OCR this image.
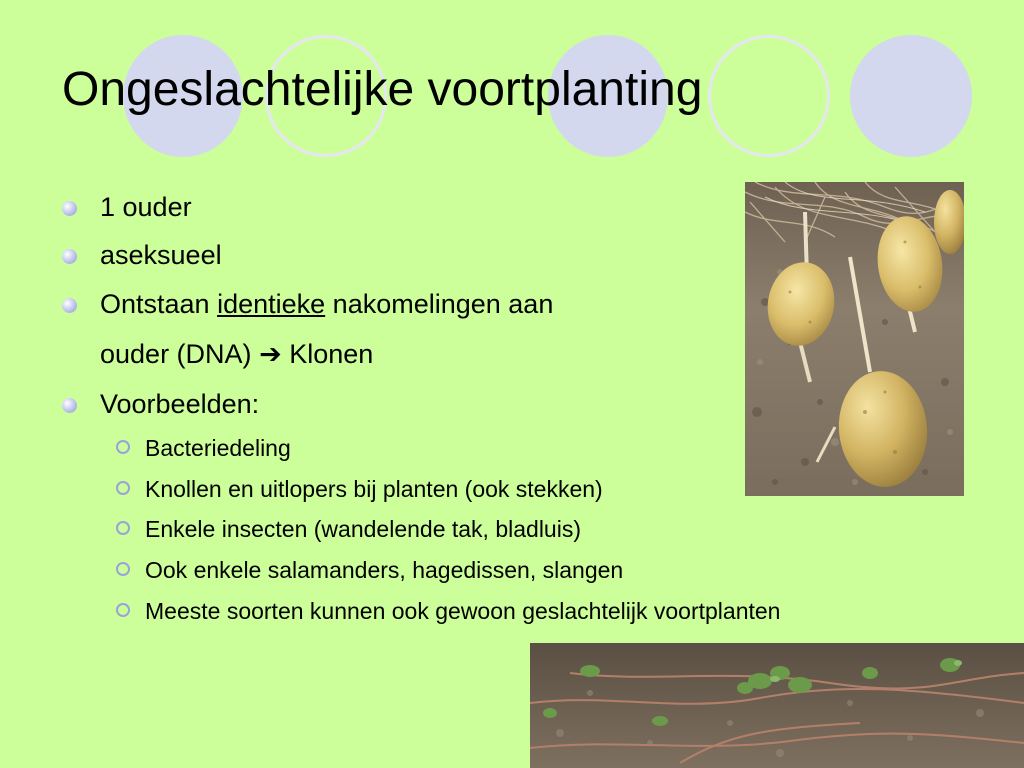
Ongeslachtelijke voortplanting
1 ouder
aseksueel
Ontstaan identieke nakomelingen aan
ouder (DNA) ➔ Klonen
Voorbeelden:
Bacteriedeling
Knollen en uitlopers bij planten (ook stekken)
Enkele insecten (wandelende tak, bladluis)
Ook enkele salamanders, hagedissen, slangen
Meeste soorten kunnen ook gewoon geslachtelijk voortplanten
